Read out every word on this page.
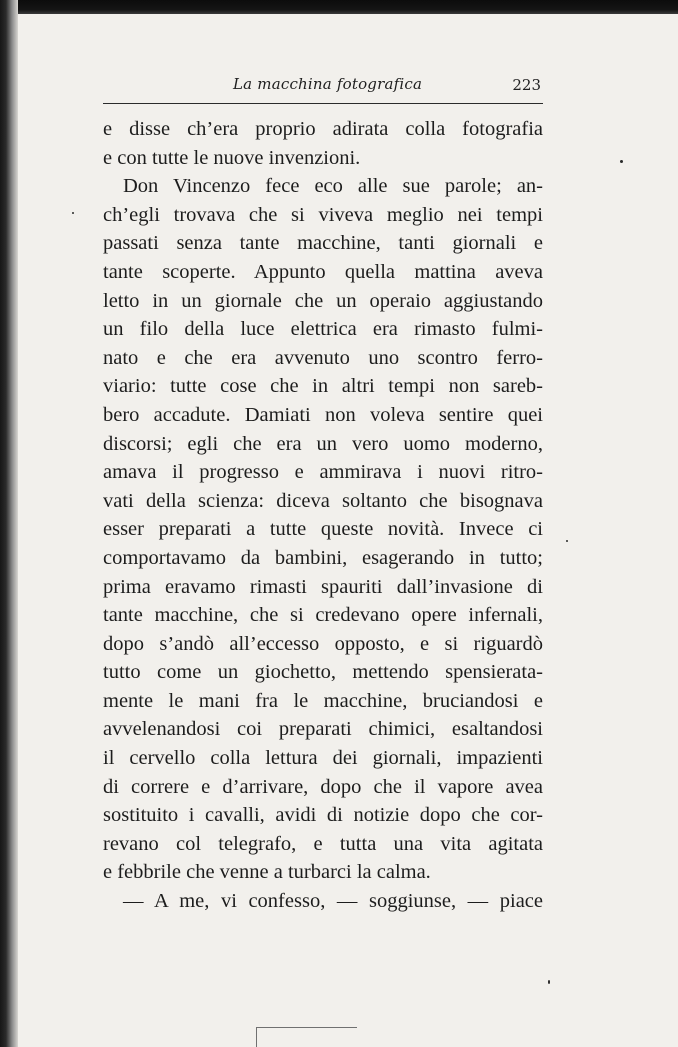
La macchina fotografica	223
e disse ch’era proprio adirata colla fotografia
e con tutte le nuove invenzioni.
Don Vincenzo fece eco alle sue parole; an-
ch’egli trovava che si viveva meglio nei tempi
passati senza tante macchine, tanti giornali e
tante scoperte. Appunto quella mattina aveva
letto in un giornale che un operaio aggiustando
un filo della luce elettrica era rimasto fulmi-
nato e che era avvenuto uno scontro ferro-
viario: tutte cose che in altri tempi non sareb-
bero accadute. Damiati non voleva sentire quei
discorsi; egli che era un vero uomo moderno,
amava il progresso e ammirava i nuovi ritro-
vati della scienza: diceva soltanto che bisognava
esser preparati a tutte queste novità. Invece ci
comportavamo da bambini, esagerando in tutto;
prima eravamo rimasti spauriti dall’invasione di
tante macchine, che si credevano opere infernali,
dopo s’andò all’eccesso opposto, e si riguardò
tutto come un giochetto, mettendo spensierata-
mente le mani fra le macchine, bruciandosi e
avvelenandosi coi preparati chimici, esaltandosi
il cervello colla lettura dei giornali, impazienti
di correre e d’arrivare, dopo che il vapore avea
sostituito i cavalli, avidi di notizie dopo che cor-
revano col telegrafo, e tutta una vita agitata
e febbrile che venne a turbarci la calma.
— A me, vi confesso, — soggiunse, — piace
